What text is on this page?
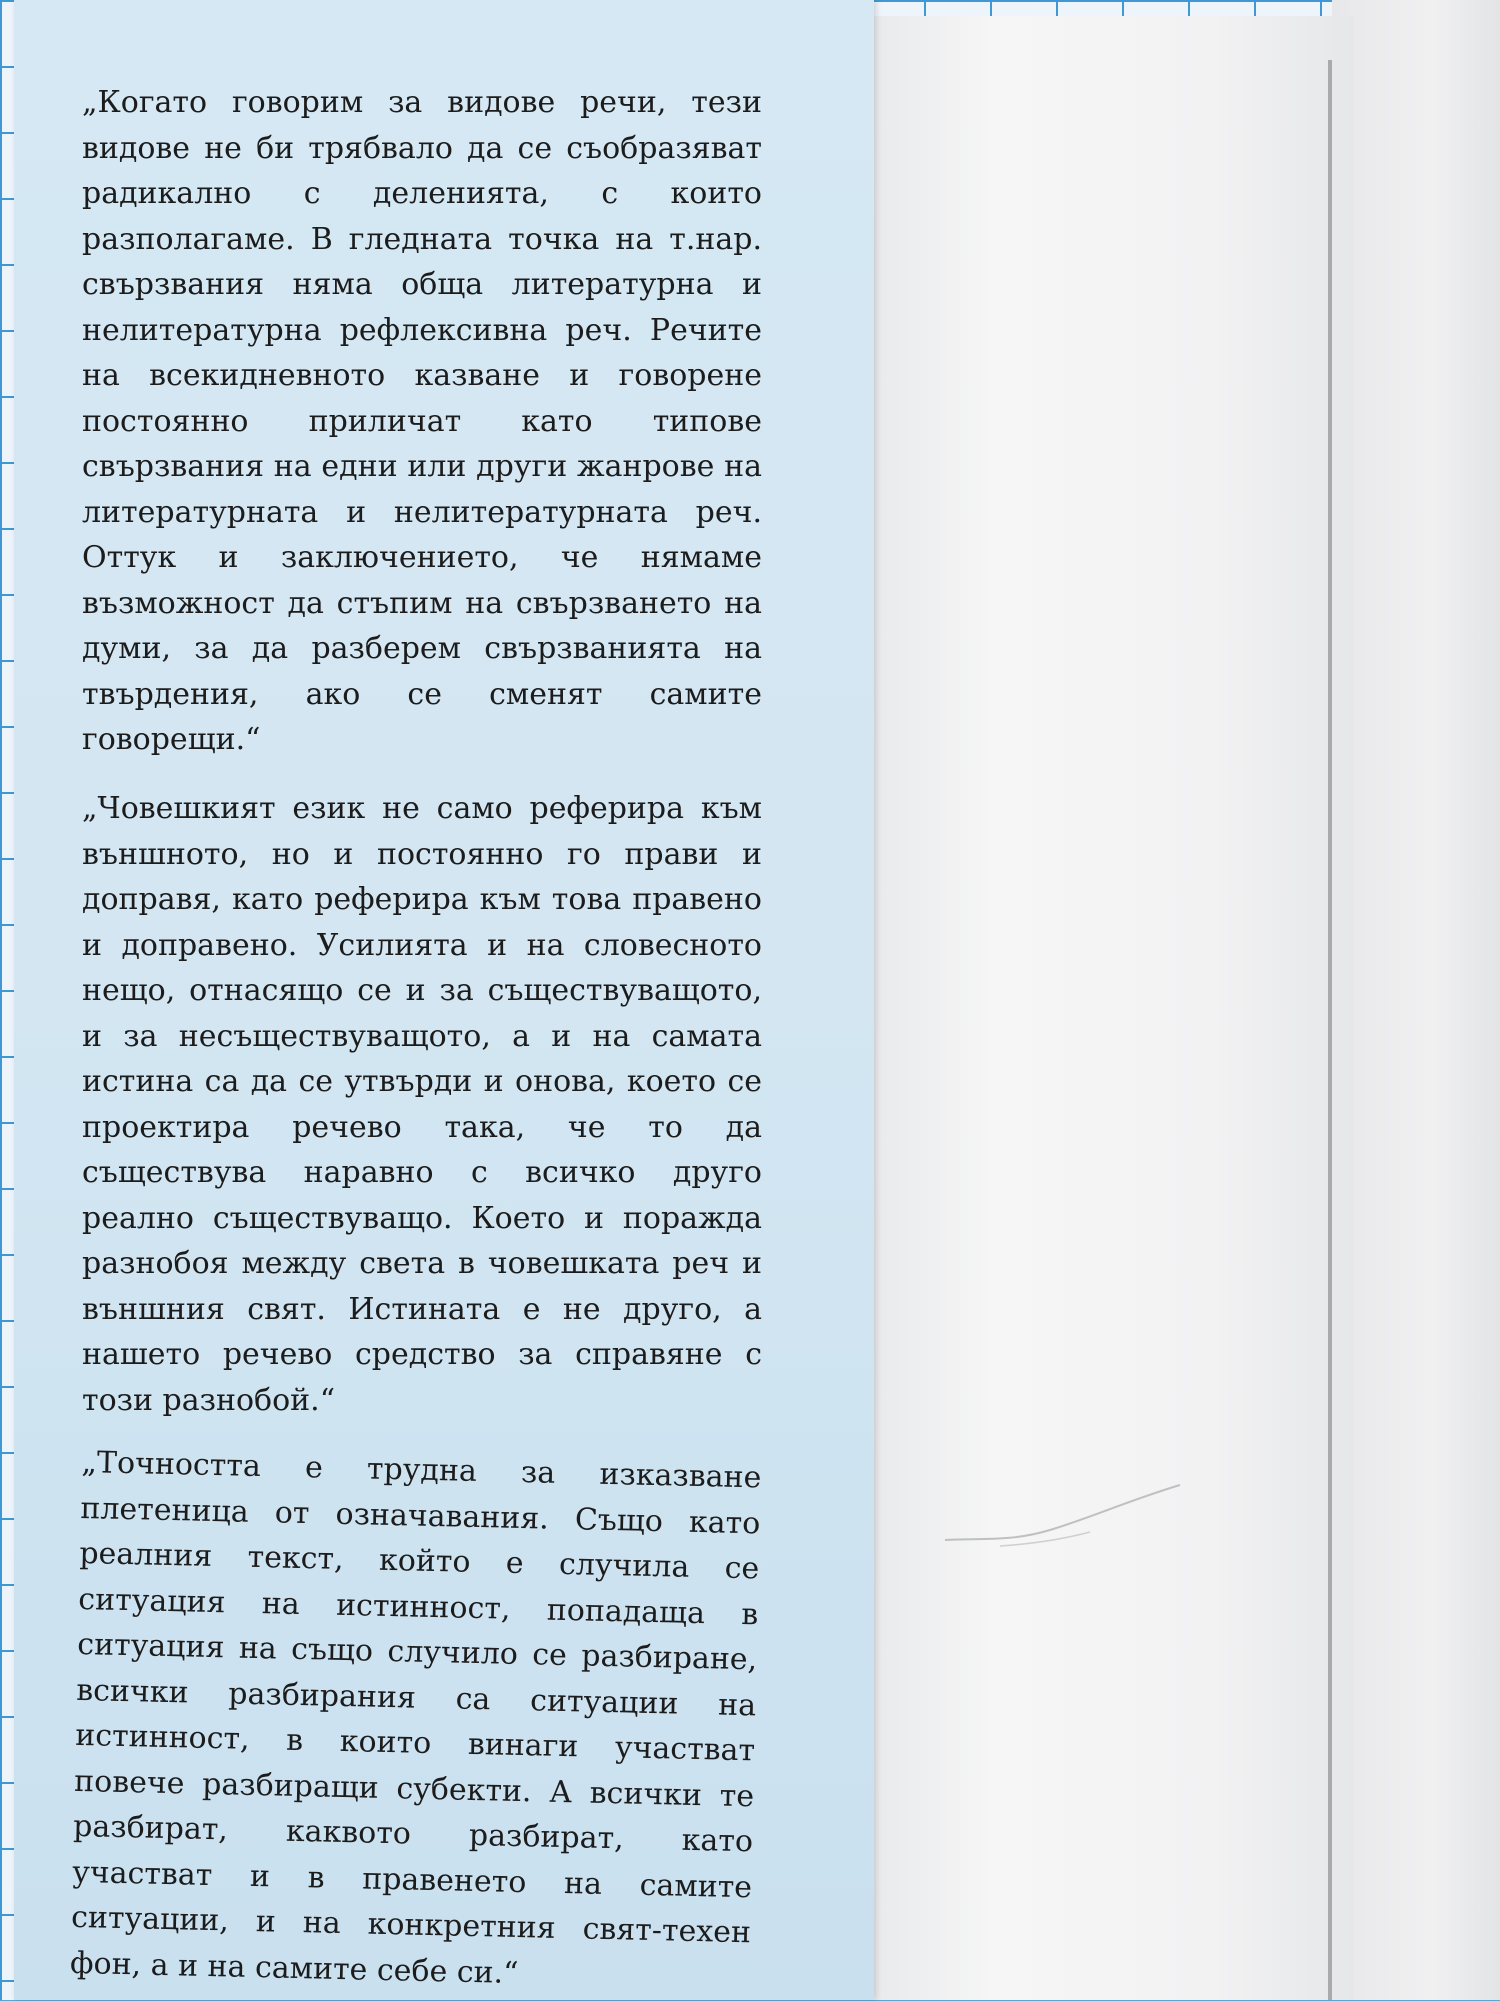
„Когато говорим за видове речи, тези видове не би трябвало да се съобразяват радикално с деленията, с които разполагаме. В гледната точка на т.нар. свързвания няма обща литературна и нелитературна рефлексивна реч. Речите на всекидневното казване и говорене постоянно приличат като типове свързвания на едни или други жанрове на литературната и нелитературната реч. Оттук и заключението, че нямаме възможност да стъпим на свързването на думи, за да разберем свързванията на твърдения, ако се сменят самите говорещи.“

„Човешкият език не само реферира към външното, но и постоянно го прави и доправя, като реферира към това правено и доправено. Усилията и на словесното нещо, отнасящо се и за съществуващото, и за несъществуващото, а и на самата истина са да се утвърди и онова, което се проектира речево така, че то да съществува наравно с всичко друго реално съществуващо. Което и поражда разнобоя между света в човешката реч и външния свят. Истината е не друго, а нашето речево средство за справяне с този разнобой.“

„Точността е трудна за изказване плетеница от означавания. Също като реалния текст, който е случила се ситуация на истинност, попадаща в ситуация на също случило се разбиране, всички разбирания са ситуации на истинност, в които винаги участват повече разбиращи субекти. А всички те разбират, каквото разбират, като участват и в правенето на самите ситуации, и на конкретния свят-техен фон, а и на самите себе си.“
